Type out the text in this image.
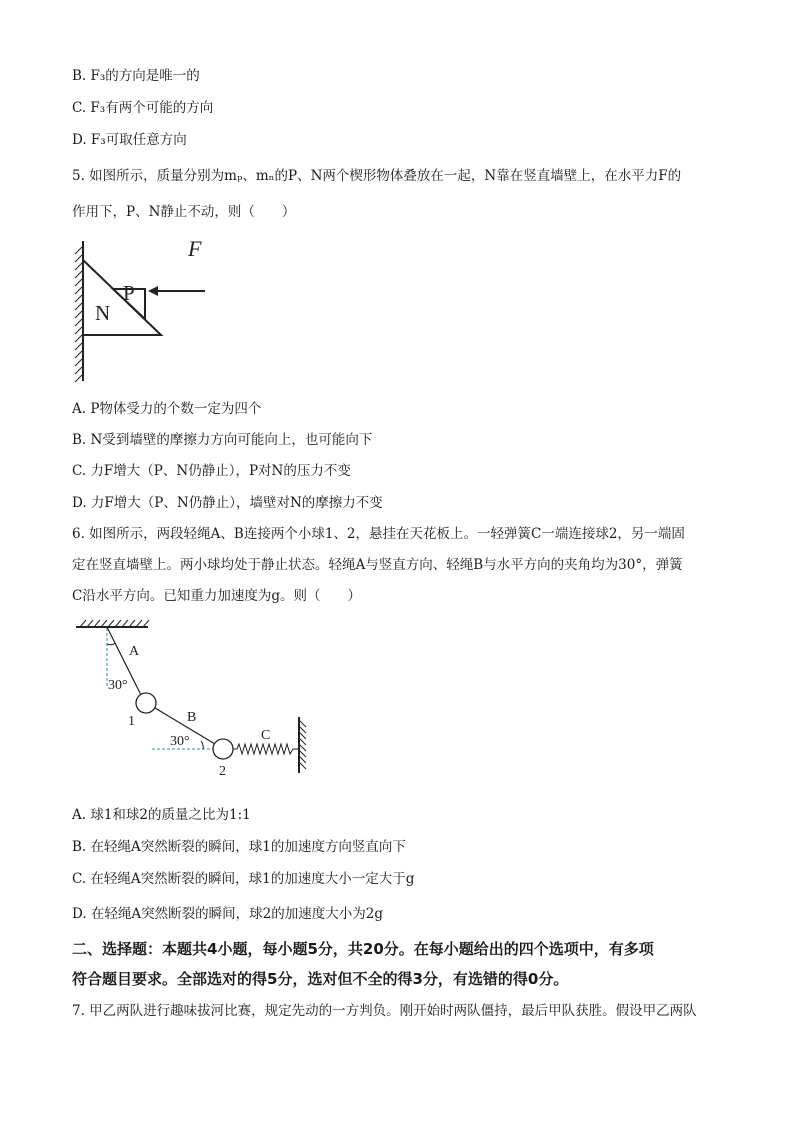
B. F₃的方向是唯一的
C. F₃有两个可能的方向
D. F₃可取任意方向
5. 如图所示，质量分别为mₚ、mₙ的P、N两个楔形物体叠放在一起，N靠在竖直墙壁上，在水平力F的
作用下，P、N静止不动，则（　　）
P
N
F
A. P物体受力的个数一定为四个
B. N受到墙壁的摩擦力方向可能向上，也可能向下
C. 力F增大（P、N仍静止），P对N的压力不变
D. 力F增大（P、N仍静止），墙壁对N的摩擦力不变
6. 如图所示，两段轻绳A、B连接两个小球1、2，悬挂在天花板上。一轻弹簧C一端连接球2，另一端固
定在竖直墙壁上。两小球均处于静止状态。轻绳A与竖直方向、轻绳B与水平方向的夹角均为30°，弹簧
C沿水平方向。已知重力加速度为g。则（　　）
A
30°
1	B
30°
2
C
A. 球1和球2的质量之比为1:1
B. 在轻绳A突然断裂的瞬间，球1的加速度方向竖直向下
C. 在轻绳A突然断裂的瞬间，球1的加速度大小一定大于g
D. 在轻绳A突然断裂的瞬间，球2的加速度大小为2g
二、选择题：本题共4小题，每小题5分，共20分。在每小题给出的四个选项中，有多项
符合题目要求。全部选对的得5分，选对但不全的得3分，有选错的得0分。
7. 甲乙两队进行趣味拔河比赛，规定先动的一方判负。刚开始时两队僵持，最后甲队获胜。假设甲乙两队
